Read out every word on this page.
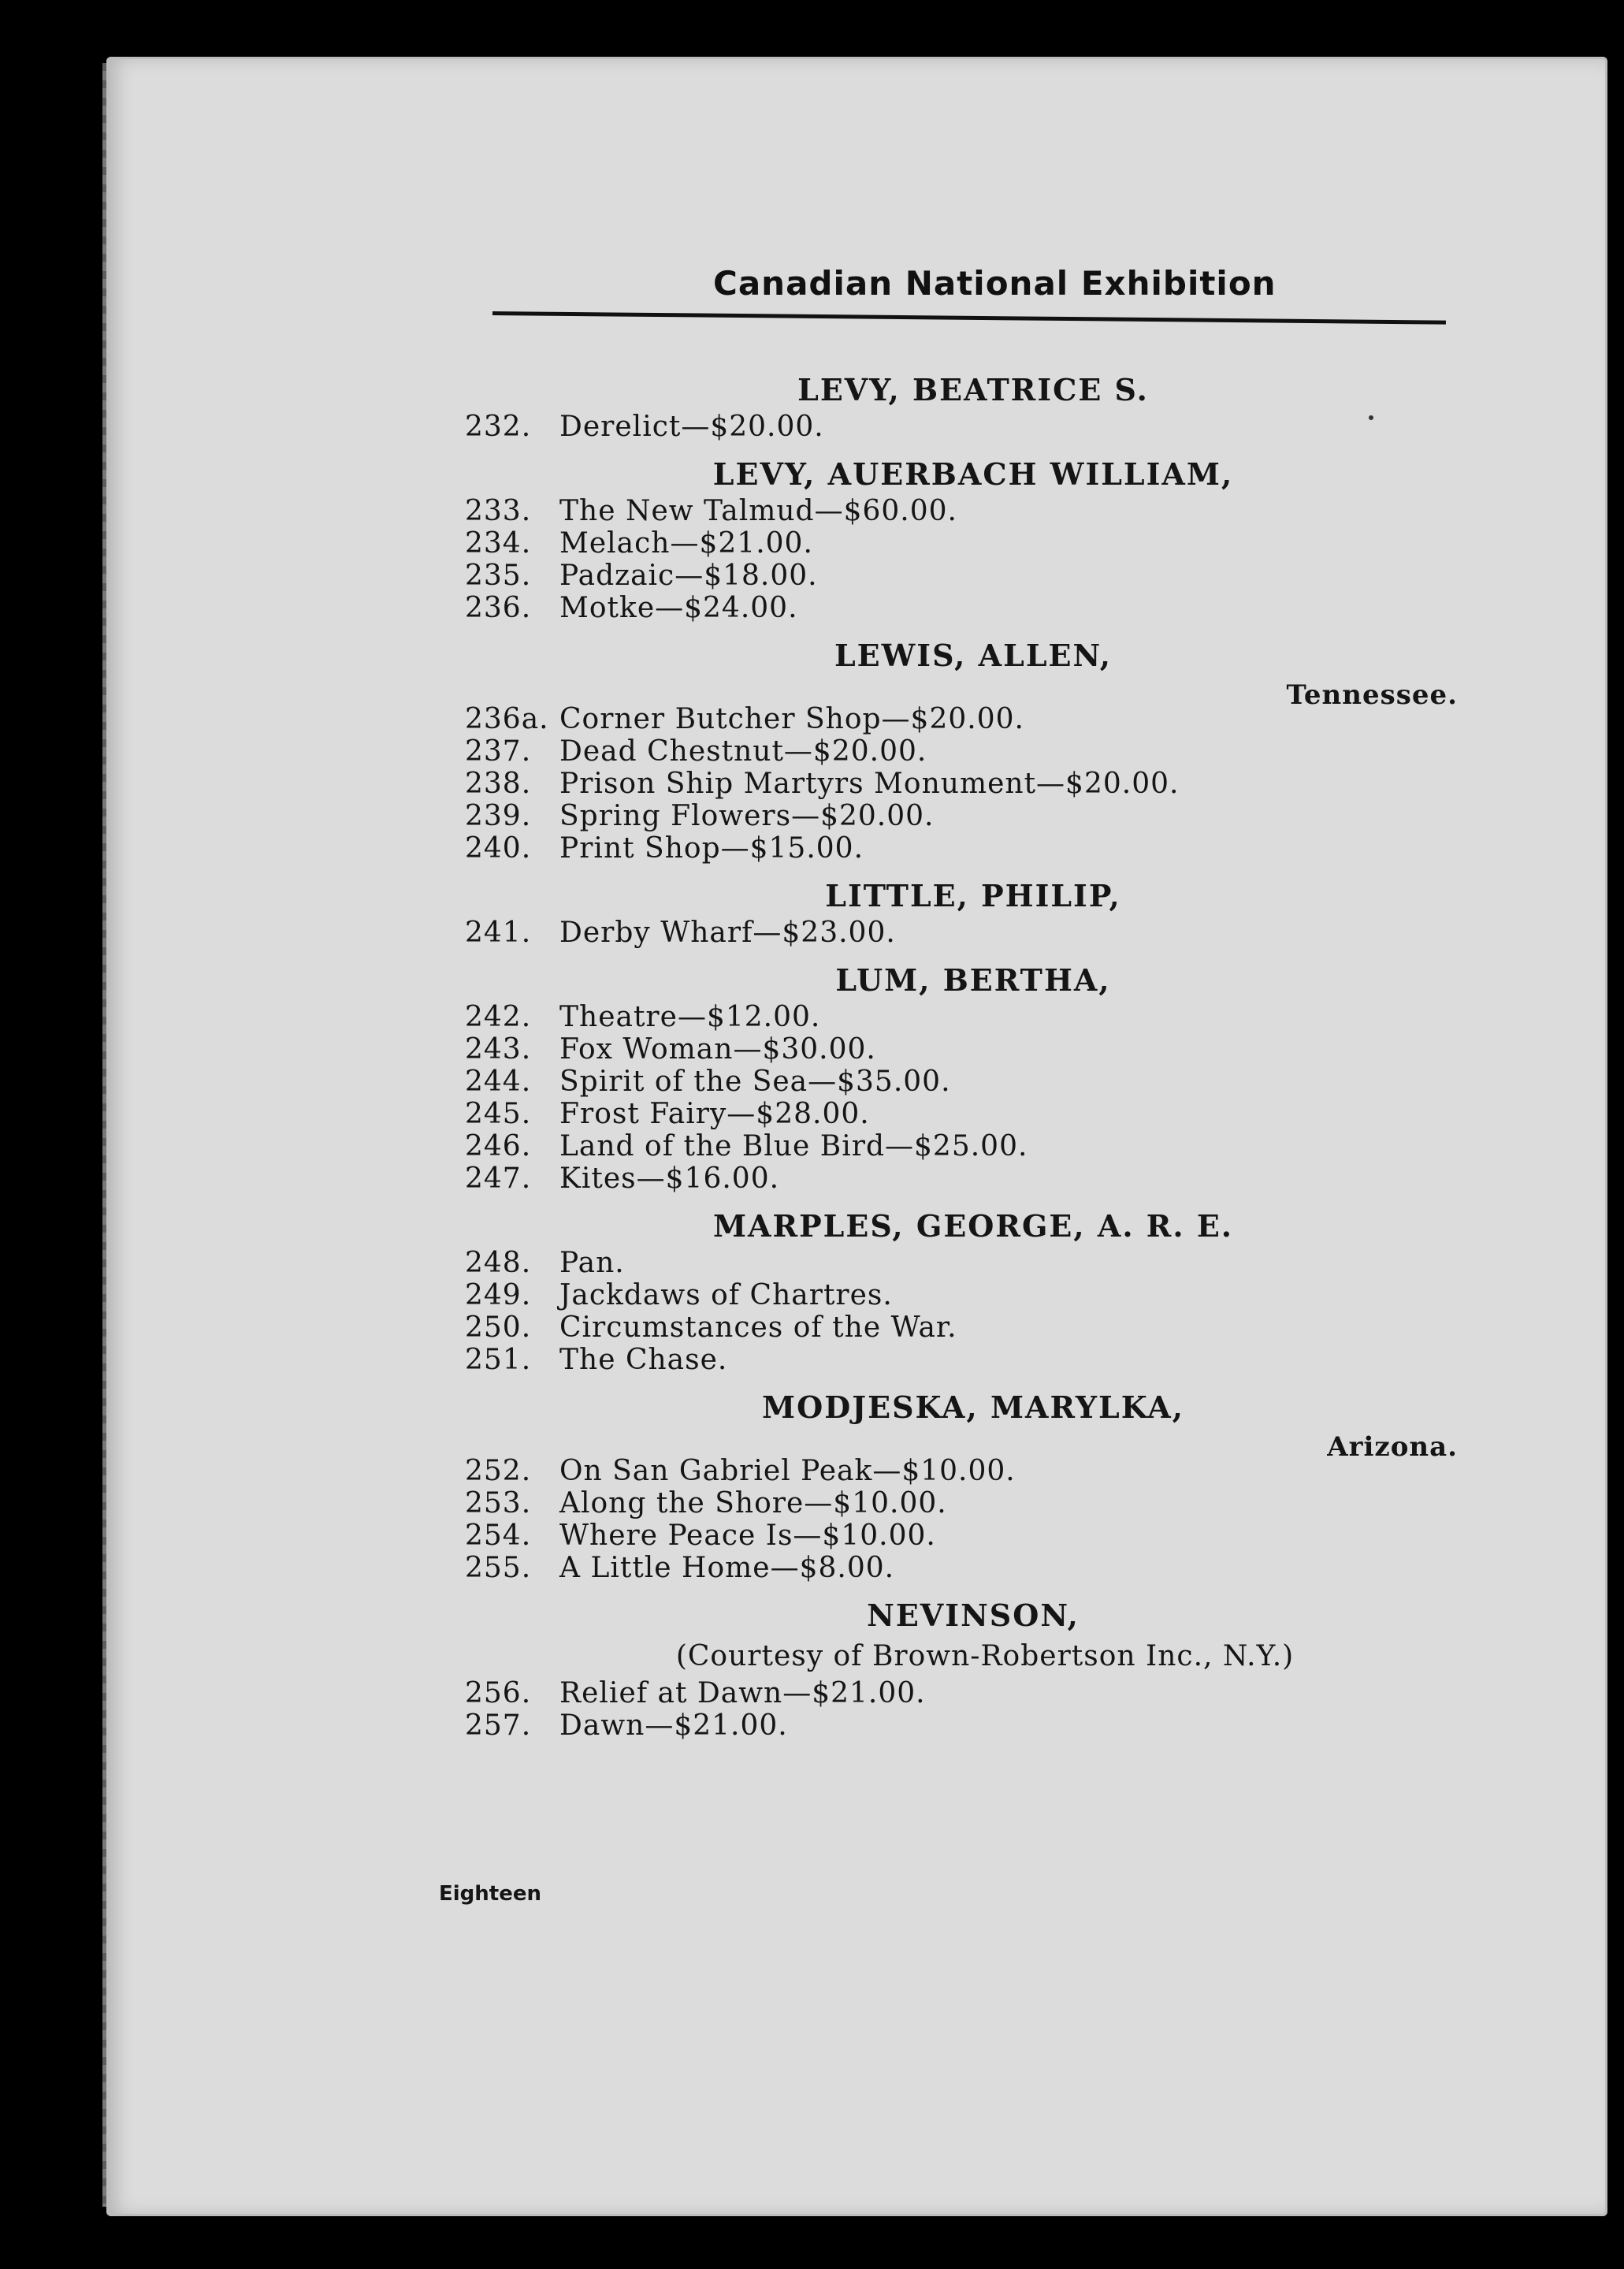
Canadian National Exhibition
LEVY, BEATRICE S.
232. Derelict—$20.00.
LEVY, AUERBACH WILLIAM,
233. The New Talmud—$60.00.
234. Melach—$21.00.
235. Padzaic—$18.00.
236. Motke—$24.00.
LEWIS, ALLEN,
Tennessee.
236a. Corner Butcher Shop—$20.00.
237. Dead Chestnut—$20.00.
238. Prison Ship Martyrs Monument—$20.00.
239. Spring Flowers—$20.00.
240. Print Shop—$15.00.
LITTLE, PHILIP,
241. Derby Wharf—$23.00.
LUM, BERTHA,
242. Theatre—$12.00.
243. Fox Woman—$30.00.
244. Spirit of the Sea—$35.00.
245. Frost Fairy—$28.00.
246. Land of the Blue Bird—$25.00.
247. Kites—$16.00.
MARPLES, GEORGE, A. R. E.
248. Pan.
249. Jackdaws of Chartres.
250. Circumstances of the War.
251. The Chase.
MODJESKA, MARYLKA,
Arizona.
252. On San Gabriel Peak—$10.00.
253. Along the Shore—$10.00.
254. Where Peace Is—$10.00.
255. A Little Home—$8.00.
NEVINSON,
(Courtesy of Brown-Robertson Inc., N.Y.)
256. Relief at Dawn—$21.00.
257. Dawn—$21.00.
Eighteen
